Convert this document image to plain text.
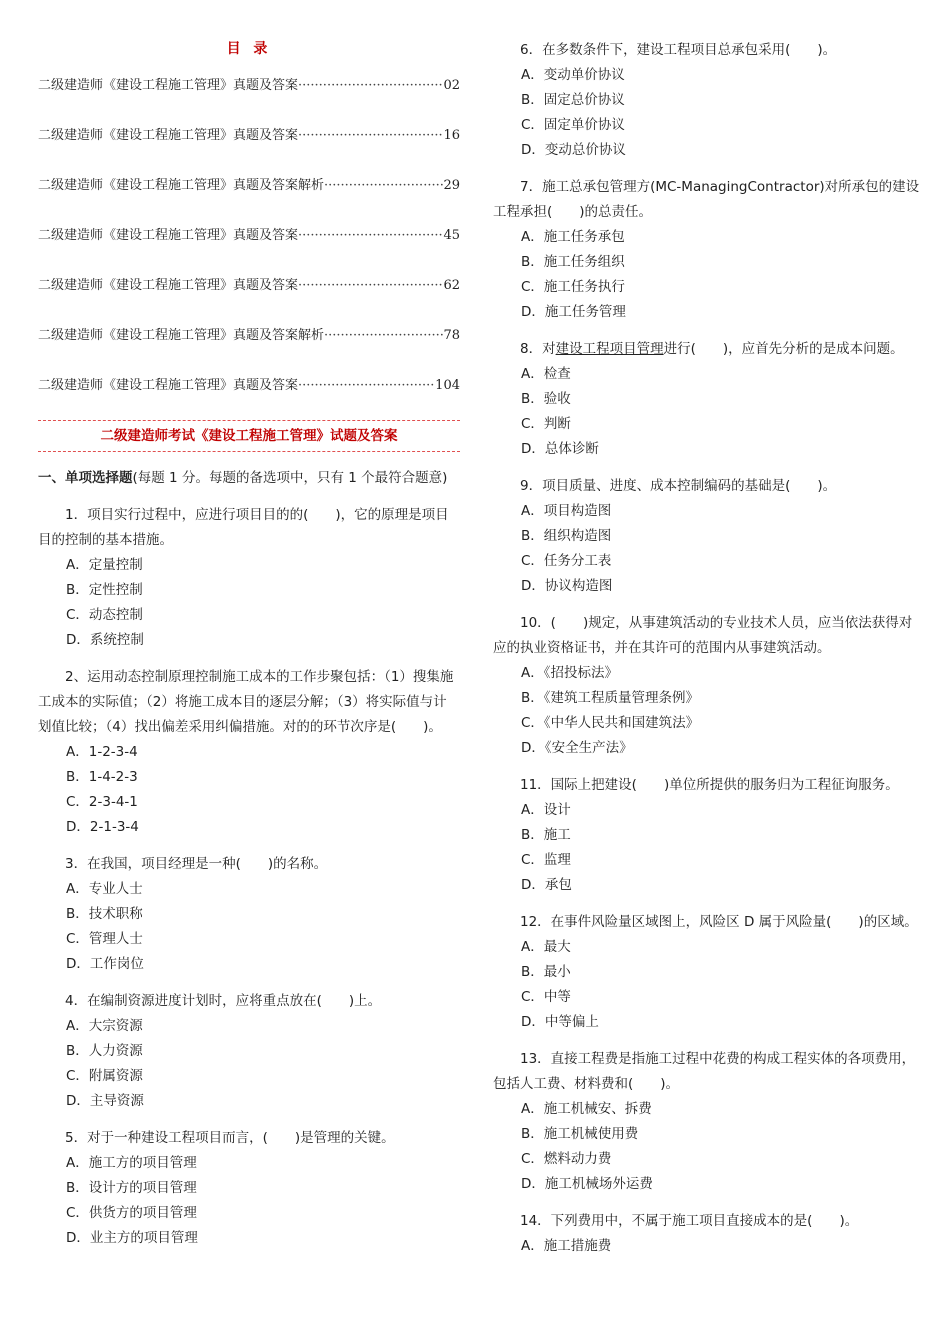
目 录
二级建造师《建设工程施工管理》真题及答案 ·····	02
二级建造师《建设工程施工管理》真题及答案 ·····	16
二级建造师《建设工程施工管理》真题及答案解析 ·····	29
二级建造师《建设工程施工管理》真题及答案 ·····	45
二级建造师《建设工程施工管理》真题及答案 ·····	62
二级建造师《建设工程施工管理》真题及答案解析 ·····	78
二级建造师《建设工程施工管理》真题及答案 ·····	104
二级建造师考试《建设工程施工管理》试题及答案
一、单项选择题(每题 1 分。每题的备选项中，只有 1 个最符合题意)
1．项目实行过程中，应进行项目目的的(　　)，它的原理是项目目的控制的基本措施。
A．定量控制
B．定性控制
C．动态控制
D．系统控制
2、运用动态控制原理控制施工成本的工作步聚包括：（1）搜集施工成本的实际值；（2）将施工成本目的逐层分解；（3）将实际值与计划值比较；（4）找出偏差采用纠偏措施。对的的环节次序是(　　)。
A．1-2-3-4
B．1-4-2-3
C．2-3-4-1
D．2-1-3-4
3．在我国，项目经理是一种(　　)的名称。
A．专业人士
B．技术职称
C．管理人士
D．工作岗位
4．在编制资源进度计划时，应将重点放在(　　)上。
A．大宗资源
B．人力资源
C．附属资源
D．主导资源
5．对于一种建设工程项目而言，(　　)是管理的关键。
A．施工方的项目管理
B．设计方的项目管理
C．供货方的项目管理
D．业主方的项目管理
6．在多数条件下，建设工程项目总承包采用(　　)。
A．变动单价协议
B．固定总价协议
C．固定单价协议
D．变动总价协议
7．施工总承包管理方(MC-ManagingContractor)对所承包的建设工程承担(　　)的总责任。
A．施工任务承包
B．施工任务组织
C．施工任务执行
D．施工任务管理
8．对建设工程项目管理进行(　　)，应首先分析的是成本问题。
A．检查
B．验收
C．判断
D．总体诊断
9．项目质量、进度、成本控制编码的基础是(　　)。
A．项目构造图
B．组织构造图
C．任务分工表
D．协议构造图
10．(　　)规定，从事建筑活动的专业技术人员，应当依法获得对应的执业资格证书，并在其许可的范围内从事建筑活动。
A．《招投标法》
B．《建筑工程质量管理条例》
C．《中华人民共和国建筑法》
D．《安全生产法》
11．国际上把建设(　　)单位所提供的服务归为工程征询服务。
A．设计
B．施工
C．监理
D．承包
12．在事件风险量区域图上，风险区 D 属于风险量(　　)的区域。
A．最大
B．最小
C．中等
D．中等偏上
13．直接工程费是指施工过程中花费的构成工程实体的各项费用，包括人工费、材料费和(　　)。
A．施工机械安、拆费
B．施工机械使用费
C．燃料动力费
D．施工机械场外运费
14．下列费用中，不属于施工项目直接成本的是(　　)。
A．施工措施费
